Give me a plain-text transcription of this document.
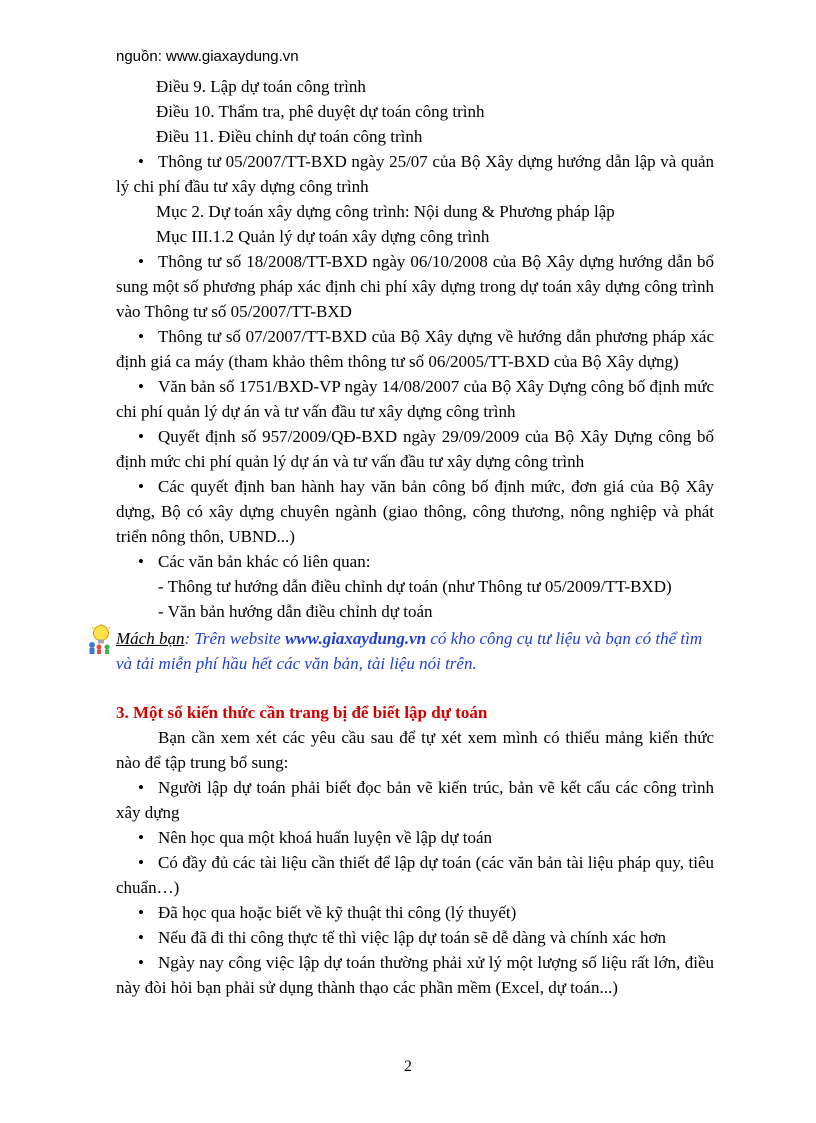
nguồn: www.giaxaydung.vn
Điều 9. Lập dự toán công trình
Điều 10. Thẩm tra, phê duyệt dự toán công trình
Điều 11. Điều chỉnh dự toán công trình
• Thông tư 05/2007/TT-BXD ngày 25/07 của Bộ Xây dựng hướng dẫn lập và quản lý chi phí đầu tư xây dựng công trình
Mục 2. Dự toán xây dựng công trình: Nội dung & Phương pháp lập
Mục III.1.2 Quản lý dự toán xây dựng công trình
• Thông tư số 18/2008/TT-BXD ngày 06/10/2008 của Bộ Xây dựng hướng dẫn bổ sung một số phương pháp xác định chi phí xây dựng trong dự toán xây dựng công trình vào Thông tư số 05/2007/TT-BXD
• Thông tư số 07/2007/TT-BXD của Bộ Xây dựng về hướng dẫn phương pháp xác định giá ca máy (tham khảo thêm thông tư số 06/2005/TT-BXD của Bộ Xây dựng)
• Văn bản số 1751/BXD-VP ngày 14/08/2007 của Bộ Xây Dựng công bố định mức chi phí quản lý dự án và tư vấn đầu tư xây dựng công trình
• Quyết định số 957/2009/QĐ-BXD ngày 29/09/2009 của Bộ Xây Dựng công bố định mức chi phí quản lý dự án và tư vấn đầu tư xây dựng công trình
• Các quyết định ban hành hay văn bản công bố định mức, đơn giá của Bộ Xây dựng, Bộ có xây dựng chuyên ngành (giao thông, công thương, nông nghiệp và phát triển nông thôn, UBND...)
• Các văn bản khác có liên quan:
- Thông tư hướng dẫn điều chỉnh dự toán (như Thông tư 05/2009/TT-BXD)
- Văn bản hướng dẫn điều chỉnh dự toán
Mách bạn: Trên website www.giaxaydung.vn có kho công cụ tư liệu và bạn có thể tìm và tải miễn phí hầu hết các văn bản, tài liệu nói trên.
3. Một số kiến thức cần trang bị để biết lập dự toán
Bạn cần xem xét các yêu cầu sau để tự xét xem mình có thiếu mảng kiến thức nào để tập trung bổ sung:
• Người lập dự toán phải biết đọc bản vẽ kiến trúc, bản vẽ kết cấu các công trình xây dựng
• Nên học qua một khoá huấn luyện về lập dự toán
• Có đầy đủ các tài liệu cần thiết để lập dự toán (các văn bản tài liệu pháp quy, tiêu chuẩn…)
• Đã học qua hoặc biết về kỹ thuật thi công (lý thuyết)
• Nếu đã đi thi công thực tế thì việc lập dự toán sẽ dễ dàng và chính xác hơn
• Ngày nay công việc lập dự toán thường phải xử lý một lượng số liệu rất lớn, điều này đòi hỏi bạn phải sử dụng thành thạo các phần mềm (Excel, dự toán...)
2
